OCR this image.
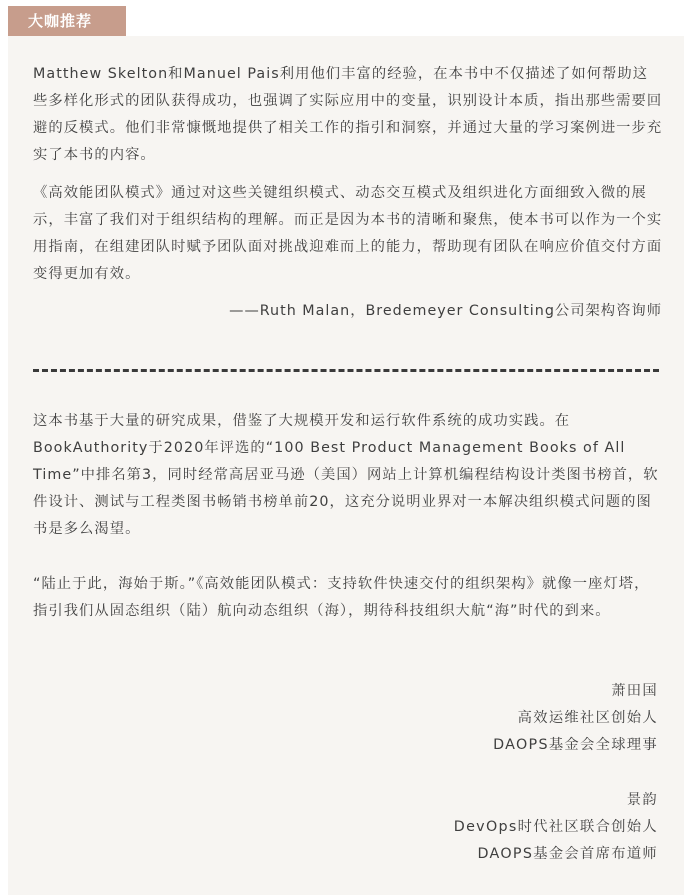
大咖推荐

Matthew Skelton和Manuel Pais利用他们丰富的经验，在本书中不仅描述了如何帮助这些多样化形式的团队获得成功，也强调了实际应用中的变量，识别设计本质，指出那些需要回避的反模式。他们非常慷慨地提供了相关工作的指引和洞察，并通过大量的学习案例进一步充实了本书的内容。

《高效能团队模式》通过对这些关键组织模式、动态交互模式及组织进化方面细致入微的展示，丰富了我们对于组织结构的理解。而正是因为本书的清晰和聚焦，使本书可以作为一个实用指南，在组建团队时赋予团队面对挑战迎难而上的能力，帮助现有团队在响应价值交付方面变得更加有效。

——Ruth Malan，Bredemeyer Consulting公司架构咨询师

这本书基于大量的研究成果，借鉴了大规模开发和运行软件系统的成功实践。在BookAuthority于2020年评选的“100 Best Product Management Books of All Time”中排名第3，同时经常高居亚马逊（美国）网站上计算机编程结构设计类图书榜首，软件设计、测试与工程类图书畅销书榜单前20，这充分说明业界对一本解决组织模式问题的图书是多么渴望。

“陆止于此，海始于斯。”《高效能团队模式：支持软件快速交付的组织架构》就像一座灯塔，指引我们从固态组织（陆）航向动态组织（海），期待科技组织大航“海”时代的到来。

萧田国
高效运维社区创始人
DAOPS基金会全球理事
景韵
DevOps时代社区联合创始人
DAOPS基金会首席布道师
